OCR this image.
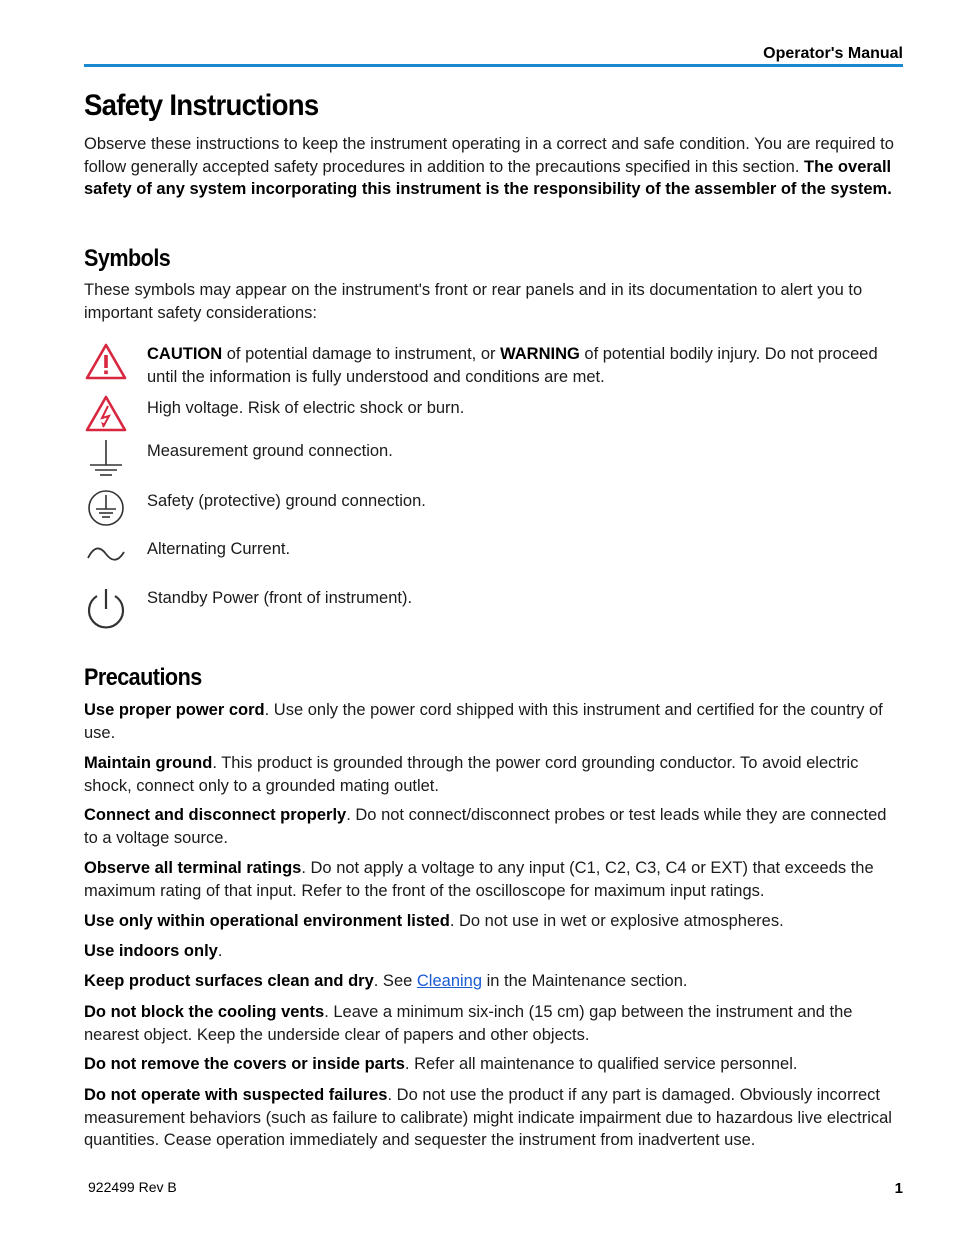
Operator's Manual
Safety Instructions

Observe these instructions to keep the instrument operating in a correct and safe condition. You are required to follow generally accepted safety procedures in addition to the precautions specified in this section. The overall safety of any system incorporating this instrument is the responsibility of the assembler of the system.

Symbols

These symbols may appear on the instrument's front or rear panels and in its documentation to alert you to important safety considerations:

CAUTION of potential damage to instrument, or WARNING of potential bodily injury. Do not proceed until the information is fully understood and conditions are met.

High voltage. Risk of electric shock or burn.

Measurement ground connection.

Safety (protective) ground connection.

Alternating Current.

Standby Power (front of instrument).

Precautions

Use proper power cord. Use only the power cord shipped with this instrument and certified for the country of use.

Maintain ground. This product is grounded through the power cord grounding conductor. To avoid electric shock, connect only to a grounded mating outlet.

Connect and disconnect properly. Do not connect/disconnect probes or test leads while they are connected to a voltage source.

Observe all terminal ratings. Do not apply a voltage to any input (C1, C2, C3, C4 or EXT) that exceeds the maximum rating of that input. Refer to the front of the oscilloscope for maximum input ratings.

Use only within operational environment listed. Do not use in wet or explosive atmospheres.

Use indoors only.

Keep product surfaces clean and dry. See Cleaning in the Maintenance section.

Do not block the cooling vents. Leave a minimum six-inch (15 cm) gap between the instrument and the nearest object. Keep the underside clear of papers and other objects.

Do not remove the covers or inside parts. Refer all maintenance to qualified service personnel.

Do not operate with suspected failures. Do not use the product if any part is damaged. Obviously incorrect measurement behaviors (such as failure to calibrate) might indicate impairment due to hazardous live electrical quantities. Cease operation immediately and sequester the instrument from inadvertent use.

922499 Rev B	1
